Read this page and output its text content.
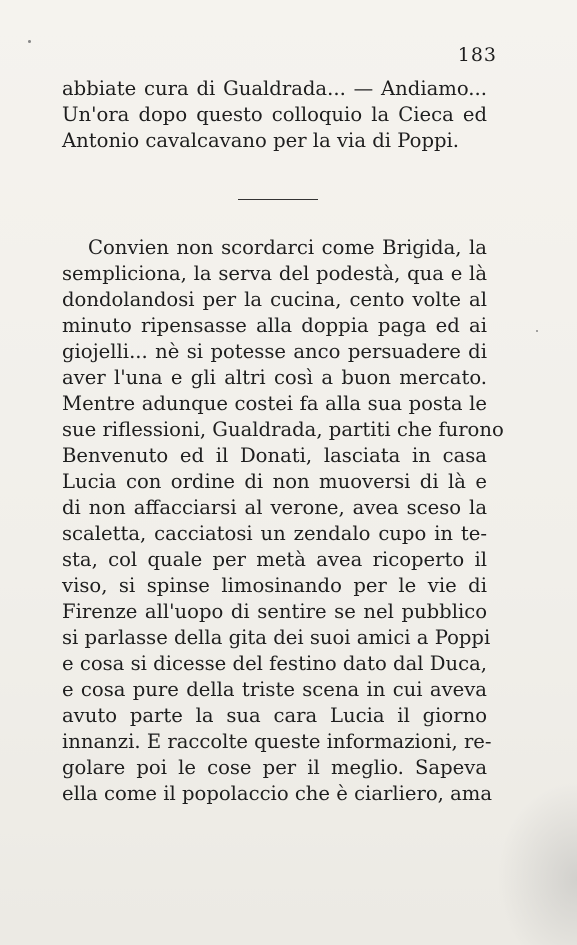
183
abbiate cura di Gualdrada... — Andiamo...
Un'ora dopo questo colloquio la Cieca ed
Antonio cavalcavano per la via di Poppi.
Convien non scordarci come Brigida, la
sempliciona, la serva del podestà, qua e là
dondolandosi per la cucina, cento volte al
minuto ripensasse alla doppia paga ed ai
giojelli... nè si potesse anco persuadere di
aver l'una e gli altri così a buon mercato.
Mentre adunque costei fa alla sua posta le
sue riflessioni, Gualdrada, partiti che furono
Benvenuto ed il Donati, lasciata in casa
Lucia con ordine di non muoversi di là e
di non affacciarsi al verone, avea sceso la
scaletta, cacciatosi un zendalo cupo in te-
sta, col quale per metà avea ricoperto il
viso, si spinse limosinando per le vie di
Firenze all'uopo di sentire se nel pubblico
si parlasse della gita dei suoi amici a Poppi
e cosa si dicesse del festino dato dal Duca,
e cosa pure della triste scena in cui aveva
avuto parte la sua cara Lucia il giorno
innanzi. E raccolte queste informazioni, re-
golare poi le cose per il meglio. Sapeva
ella come il popolaccio che è ciarliero, ama
